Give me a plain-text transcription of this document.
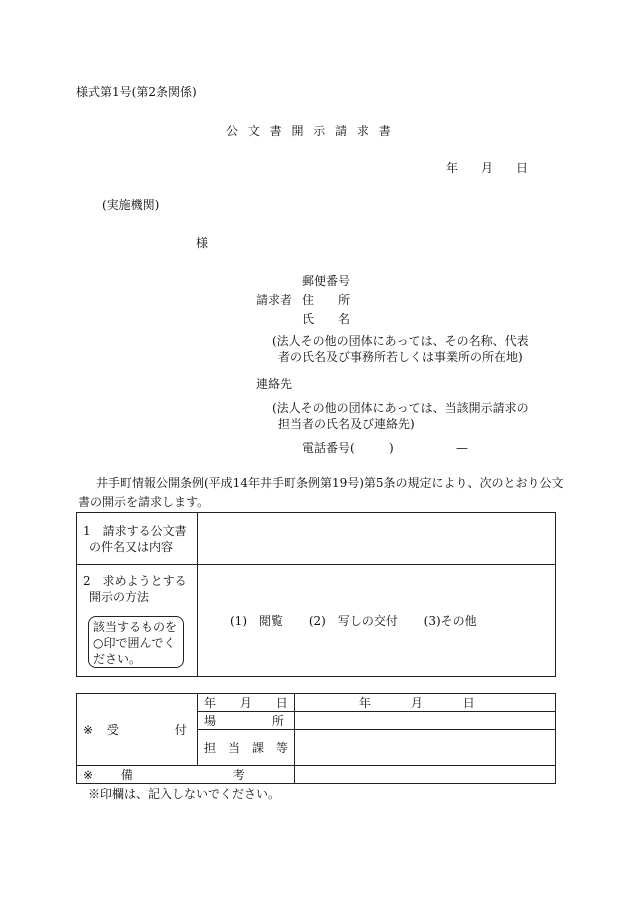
様式第1号(第2条関係)
公 文 書 開 示 請 求 書
年 月 日
(実施機関)
様
郵便番号
請求者 住　　所
氏　　名
(法人その他の団体にあっては、その名称、代表
者の氏名及び事務所若しくは事業所の所在地)
連絡先
(法人その他の団体にあっては、当該開示請求の
担当者の氏名及び連絡先)
電話番号(	)	—
井手町情報公開条例(平成14年井手町条例第19号)第5条の規定により、次のとおり公文
書の開示を請求します。
1　請求する公文書
の件名又は内容	

2　求めようとする
開示の方法	(1)　閲覧 (2)　写しの交付 (3)その他
該当するものを
○印で囲んでく
ださい。
※ 受 付	年 月 日	年 月 日
	場 所	
	担　当　課　等	
※ 備 考		
※印欄は、記入しないでください。
